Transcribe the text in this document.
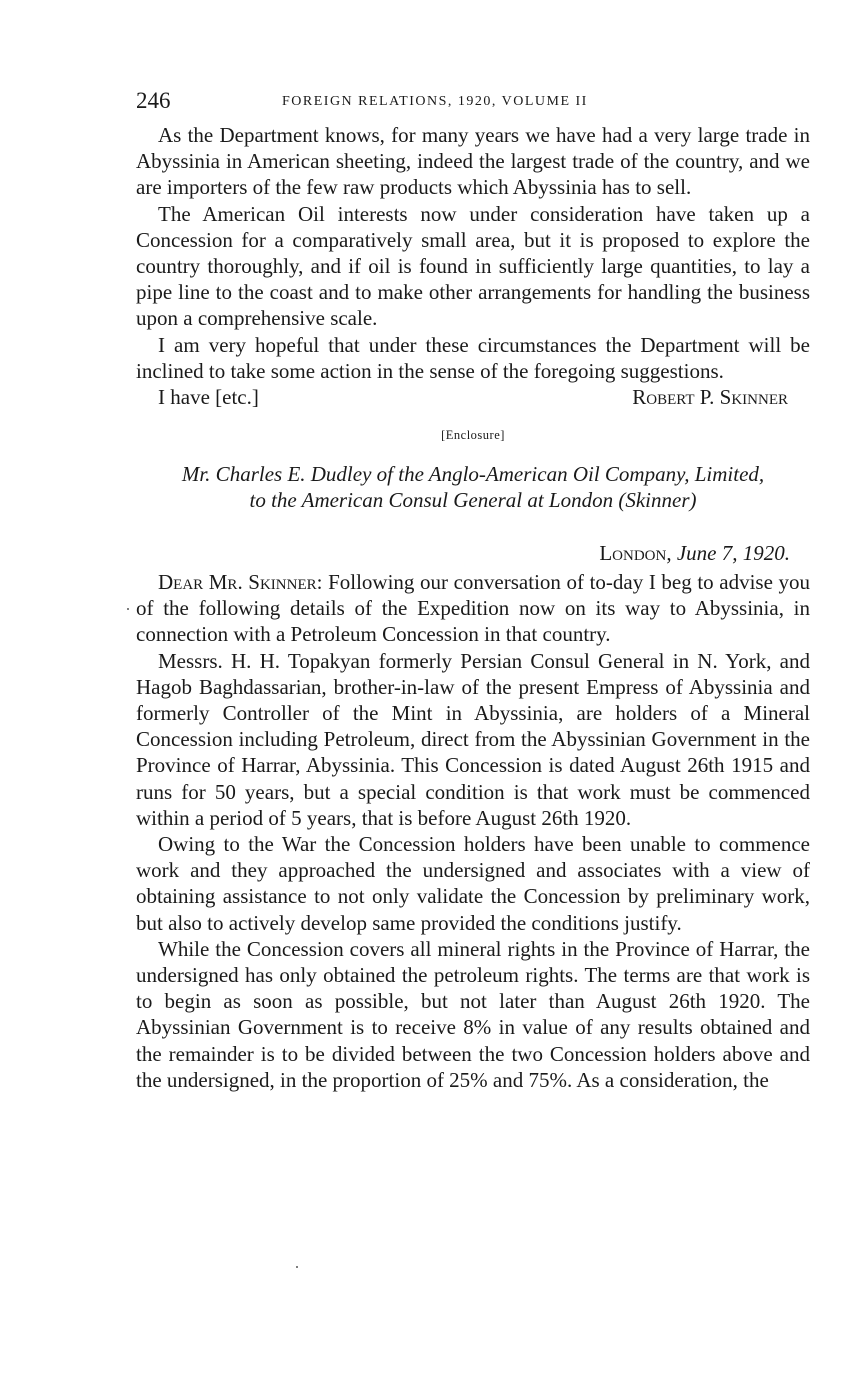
246	FOREIGN RELATIONS, 1920, VOLUME II

As the Department knows, for many years we have had a very large trade in Abyssinia in American sheeting, indeed the largest trade of the country, and we are importers of the few raw products which Abyssinia has to sell.

The American Oil interests now under consideration have taken up a Concession for a comparatively small area, but it is proposed to explore the country thoroughly, and if oil is found in sufficiently large quantities, to lay a pipe line to the coast and to make other arrangements for handling the business upon a comprehensive scale.

I am very hopeful that under these circumstances the Department will be inclined to take some action in the sense of the foregoing suggestions.

I have [etc.]	Robert P. Skinner
[Enclosure]
Mr. Charles E. Dudley of the Anglo-American Oil Company, Limited,
to the American Consul General at London (Skinner)
London, June 7, 1920.

Dear Mr. Skinner: Following our conversation of to-day I beg to advise you of the following details of the Expedition now on its way to Abyssinia, in connection with a Petroleum Concession in that country.

Messrs. H. H. Topakyan formerly Persian Consul General in N. York, and Hagob Baghdassarian, brother-in-law of the present Empress of Abyssinia and formerly Controller of the Mint in Abyssinia, are holders of a Mineral Concession including Petroleum, direct from the Abyssinian Government in the Province of Harrar, Abyssinia. This Concession is dated August 26th 1915 and runs for 50 years, but a special condition is that work must be commenced within a period of 5 years, that is before August 26th 1920.

Owing to the War the Concession holders have been unable to commence work and they approached the undersigned and associates with a view of obtaining assistance to not only validate the Concession by preliminary work, but also to actively develop same provided the conditions justify.

While the Concession covers all mineral rights in the Province of Harrar, the undersigned has only obtained the petroleum rights. The terms are that work is to begin as soon as possible, but not later than August 26th 1920. The Abyssinian Government is to receive 8% in value of any results obtained and the remainder is to be divided between the two Concession holders above and the undersigned, in the proportion of 25% and 75%. As a consideration, the
